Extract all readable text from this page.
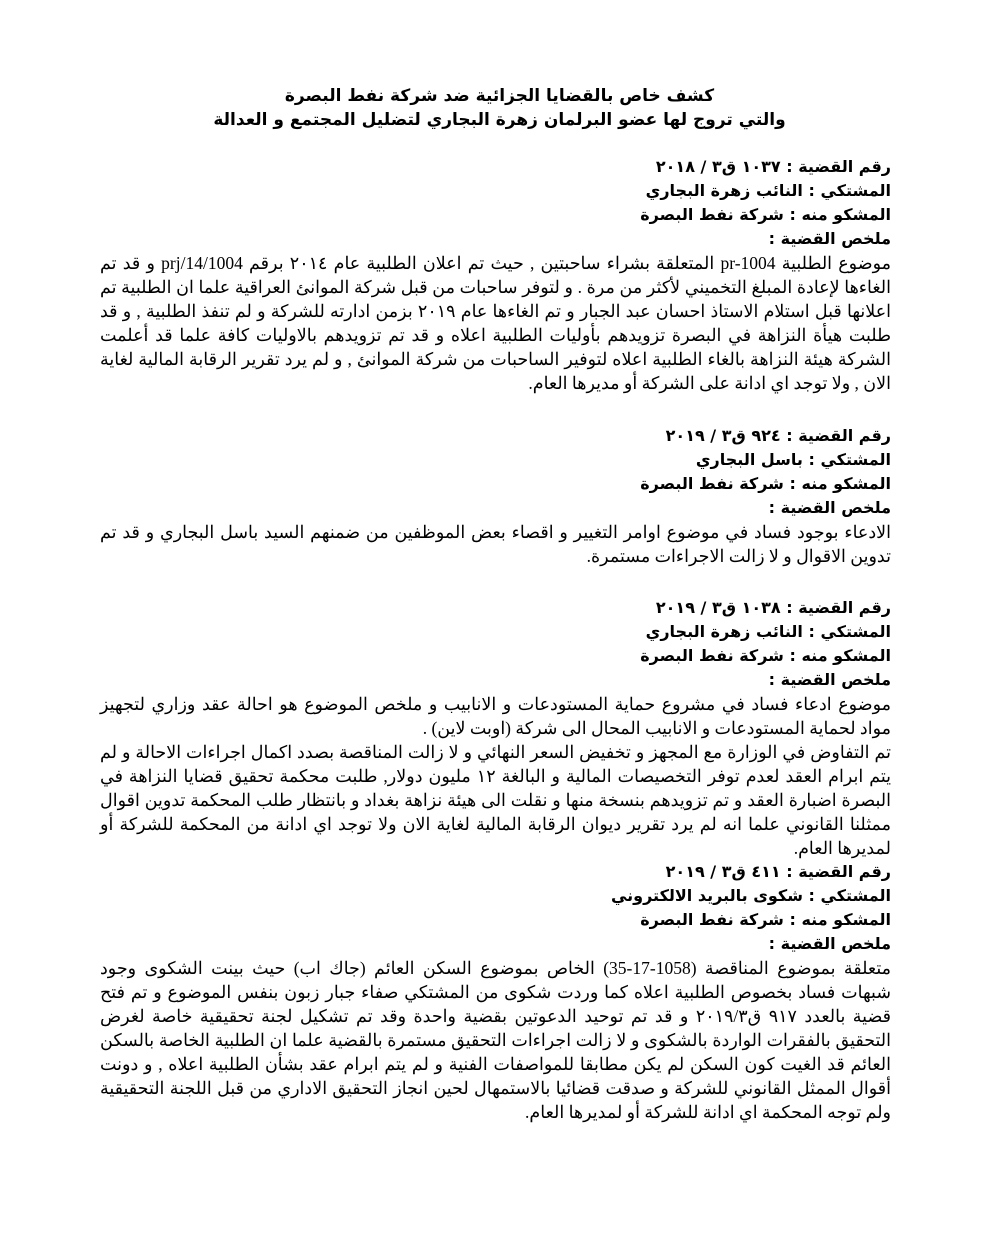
كشف خاص بالقضايا الجزائية ضد شركة نفط البصرة
والتي تروج لها عضو البرلمان زهرة البجاري لتضليل المجتمع و العدالة
رقم القضية : ١٠٣٧ ق٣ / ٢٠١٨
المشتكي : النائب زهرة البجاري
المشكو منه : شركة نفط البصرة
ملخص القضية :

موضوع الطلبية pr-1004 المتعلقة بشراء ساحبتين , حيث تم اعلان الطلبية عام ٢٠١٤ برقم prj/14/1004 و قد تم الغاءها لإعادة المبلغ التخميني لأكثر من مرة . و لتوفر ساحبات من قبل شركة الموانئ العراقية علما ان الطلبية تم اعلانها قبل استلام الاستاذ احسان عبد الجبار و تم الغاءها عام ٢٠١٩ بزمن ادارته للشركة و لم تنفذ الطلبية , و قد طلبت هيأة النزاهة في البصرة تزويدهم بأوليات الطلبية اعلاه و قد تم تزويدهم بالاوليات كافة علما قد أعلمت الشركة هيئة النزاهة بالغاء الطلبية اعلاه لتوفير الساحبات من شركة الموانئ , و لم يرد تقرير الرقابة المالية لغاية الان , ولا توجد اي ادانة على الشركة أو مديرها العام.

رقم القضية : ٩٢٤ ق٣ / ٢٠١٩
المشتكي : باسل البجاري
المشكو منه : شركة نفط البصرة
ملخص القضية :

الادعاء بوجود فساد في موضوع اوامر التغيير و اقصاء بعض الموظفين من ضمنهم السيد باسل البجاري و قد تم تدوين الاقوال و لا زالت الاجراءات مستمرة.

رقم القضية : ١٠٣٨ ق٣ / ٢٠١٩
المشتكي : النائب زهرة البجاري
المشكو منه : شركة نفط البصرة
ملخص القضية :

موضوع ادعاء فساد في مشروع حماية المستودعات و الانابيب و ملخص الموضوع هو احالة عقد وزاري لتجهيز مواد لحماية المستودعات و الانابيب المحال الى شركة (اوبت لاين) .

تم التفاوض في الوزارة مع المجهز و تخفيض السعر النهائي و لا زالت المناقصة بصدد اكمال اجراءات الاحالة و لم يتم ابرام العقد لعدم توفر التخصيصات المالية و البالغة ١٢ مليون دولار, طلبت محكمة تحقيق قضايا النزاهة في البصرة اضبارة العقد و تم تزويدهم بنسخة منها و نقلت الى هيئة نزاهة بغداد و بانتظار طلب المحكمة تدوين اقوال ممثلنا القانوني علما انه لم يرد تقرير ديوان الرقابة المالية لغاية الان ولا توجد اي ادانة من المحكمة للشركة أو لمديرها العام.

رقم القضية : ٤١١ ق٣ / ٢٠١٩
المشتكي : شكوى بالبريد الالكتروني
المشكو منه : شركة نفط البصرة
ملخص القضية :

متعلقة بموضوع المناقصة (1058-17-35) الخاص بموضوع السكن العائم (جاك اب) حيث بينت الشكوى وجود شبهات فساد بخصوص الطلبية اعلاه كما وردت شكوى من المشتكي صفاء جبار زبون بنفس الموضوع و تم فتح قضية بالعدد ٩١٧ ق٢٠١٩/٣ و قد تم توحيد الدعوتين بقضية واحدة وقد تم تشكيل لجنة تحقيقية خاصة لغرض التحقيق بالفقرات الواردة بالشكوى و لا زالت اجراءات التحقيق مستمرة بالقضية علما ان الطلبية الخاصة بالسكن العائم قد الغيت كون السكن لم يكن مطابقا للمواصفات الفنية و لم يتم ابرام عقد بشأن الطلبية اعلاه , و دونت أقوال الممثل القانوني للشركة و صدقت قضائيا بالاستمهال لحين انجاز التحقيق الاداري من قبل اللجنة التحقيقية ولم توجه المحكمة اي ادانة للشركة أو لمديرها العام.
